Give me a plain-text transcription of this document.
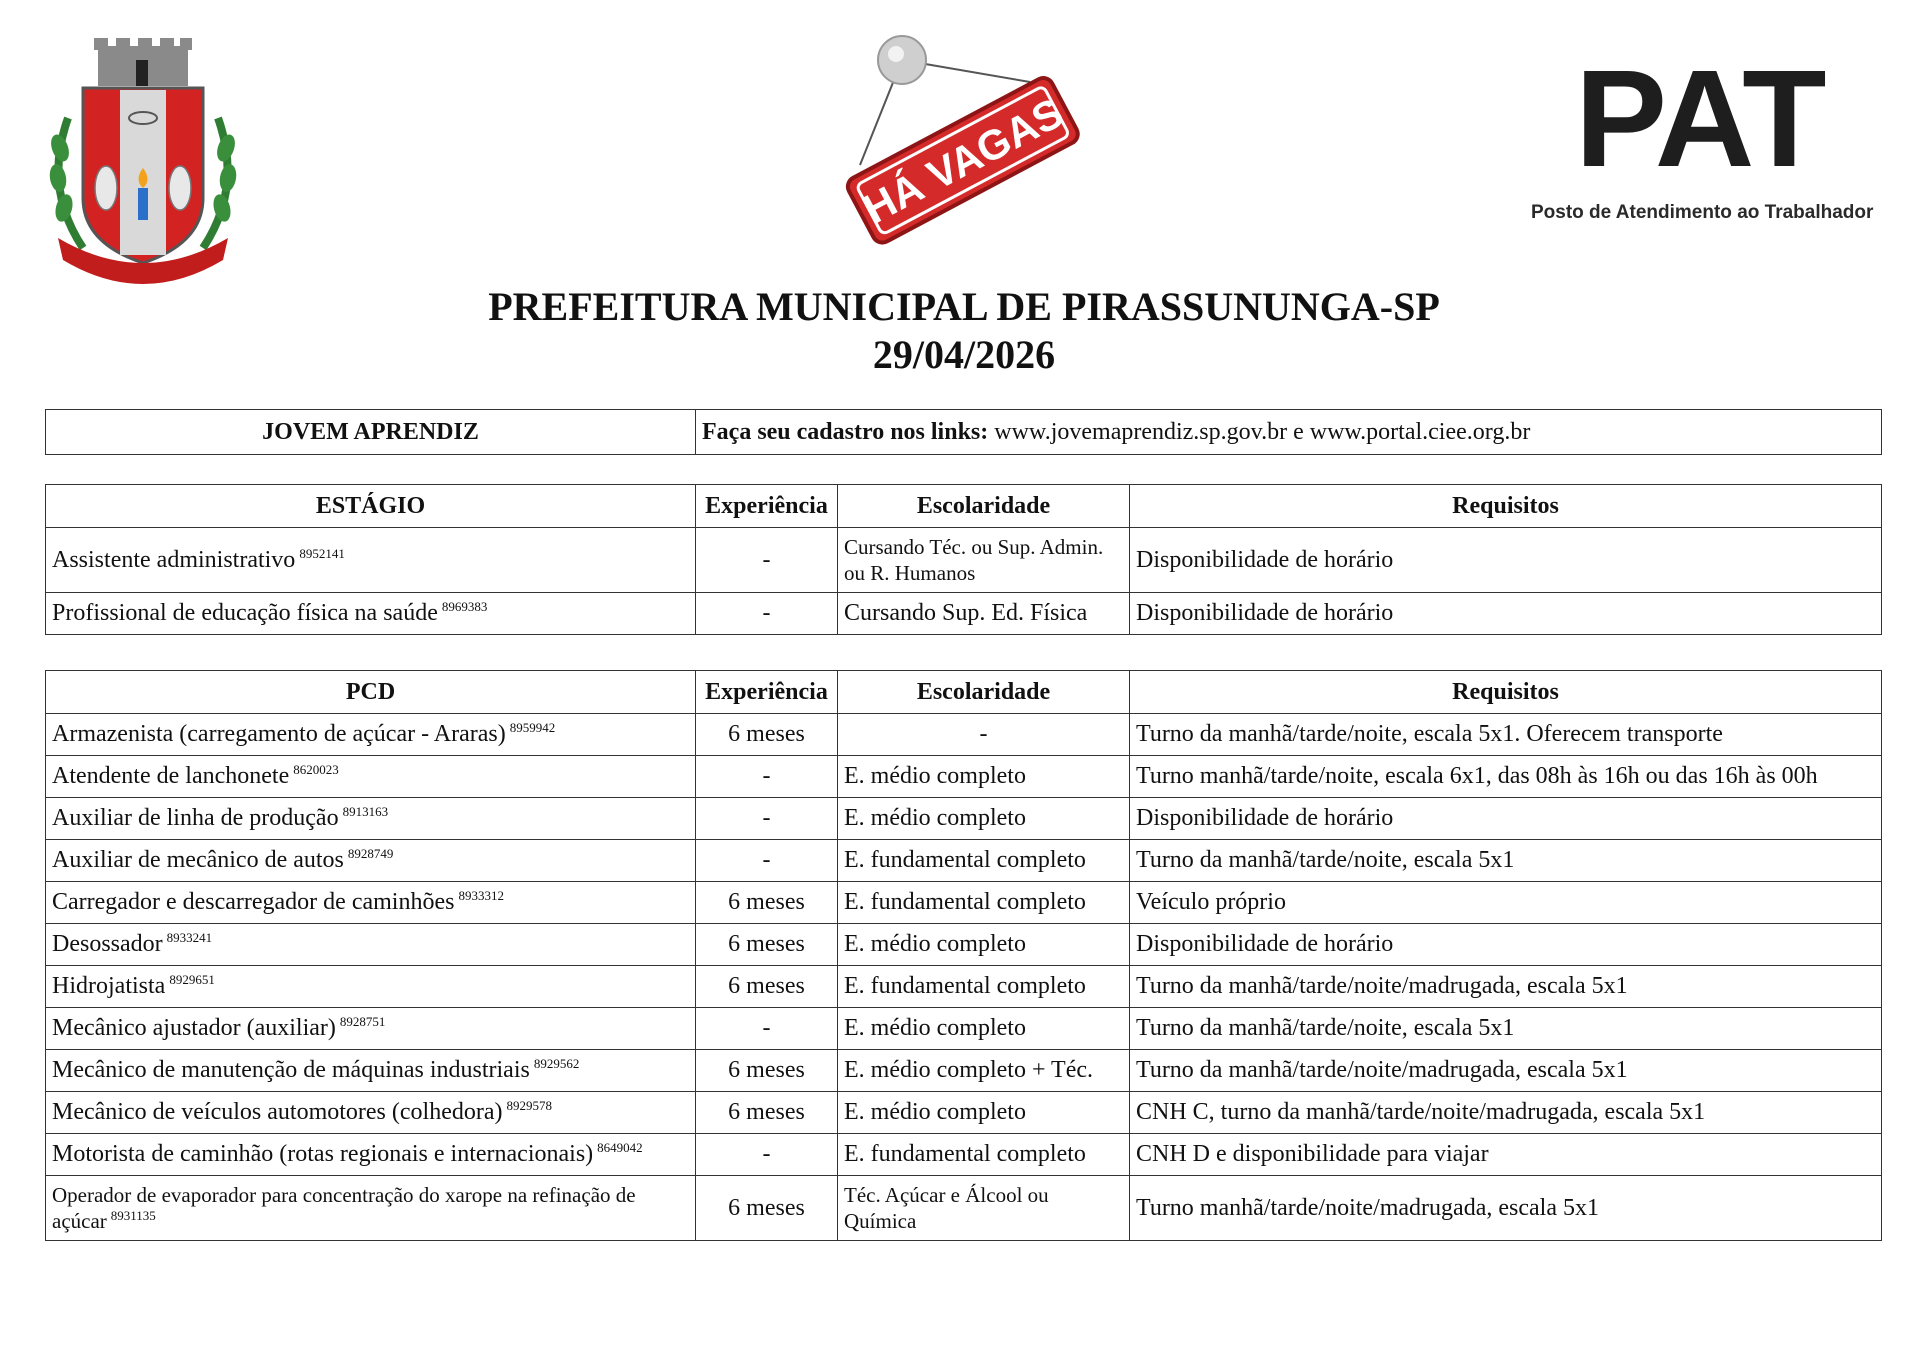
HÁ VAGAS	PAT
Posto de Atendimento ao Trabalhador
PREFEITURA MUNICIPAL DE PIRASSUNUNGA-SP
29/04/2026
JOVEM APRENDIZ	Faça seu cadastro nos links: www.jovemaprendiz.sp.gov.br e www.portal.ciee.org.br
ESTÁGIO	Experiência	Escolaridade	Requisitos
Assistente administrativo $^{8952141}$	-	Cursando Téc. ou Sup. Admin. ou R. Humanos	Disponibilidade de horário
Profissional de educação física na saúde $^{8969383}$	-	Cursando Sup. Ed. Física	Disponibilidade de horário
PCD	Experiência	Escolaridade	Requisitos
Armazenista (carregamento de açúcar - Araras) $^{8959942}$	6 meses	-	Turno da manhã/tarde/noite, escala 5x1. Oferecem transporte
Atendente de lanchonete $^{8620023}$	-	E. médio completo	Turno manhã/tarde/noite, escala 6x1, das 08h às 16h ou das 16h às 00h
Auxiliar de linha de produção $^{8913163}$	-	E. médio completo	Disponibilidade de horário
Auxiliar de mecânico de autos $^{8928749}$	-	E. fundamental completo	Turno da manhã/tarde/noite, escala 5x1
Carregador e descarregador de caminhões $^{8933312}$	6 meses	E. fundamental completo	Veículo próprio
Desossador $^{8933241}$	6 meses	E. médio completo	Disponibilidade de horário
Hidrojatista $^{8929651}$	6 meses	E. fundamental completo	Turno da manhã/tarde/noite/madrugada, escala 5x1
Mecânico ajustador (auxiliar) $^{8928751}$	-	E. médio completo	Turno da manhã/tarde/noite, escala 5x1
Mecânico de manutenção de máquinas industriais $^{8929562}$	6 meses	E. médio completo + Téc.	Turno da manhã/tarde/noite/madrugada, escala 5x1
Mecânico de veículos automotores (colhedora) $^{8929578}$	6 meses	E. médio completo	CNH C, turno da manhã/tarde/noite/madrugada, escala 5x1
Motorista de caminhão (rotas regionais e internacionais) $^{8649042}$	-	E. fundamental completo	CNH D e disponibilidade para viajar
Operador de evaporador para concentração do xarope na refinação de açúcar $^{8931135}$	6 meses	Téc. Açúcar e Álcool ou Química	Turno manhã/tarde/noite/madrugada, escala 5x1
